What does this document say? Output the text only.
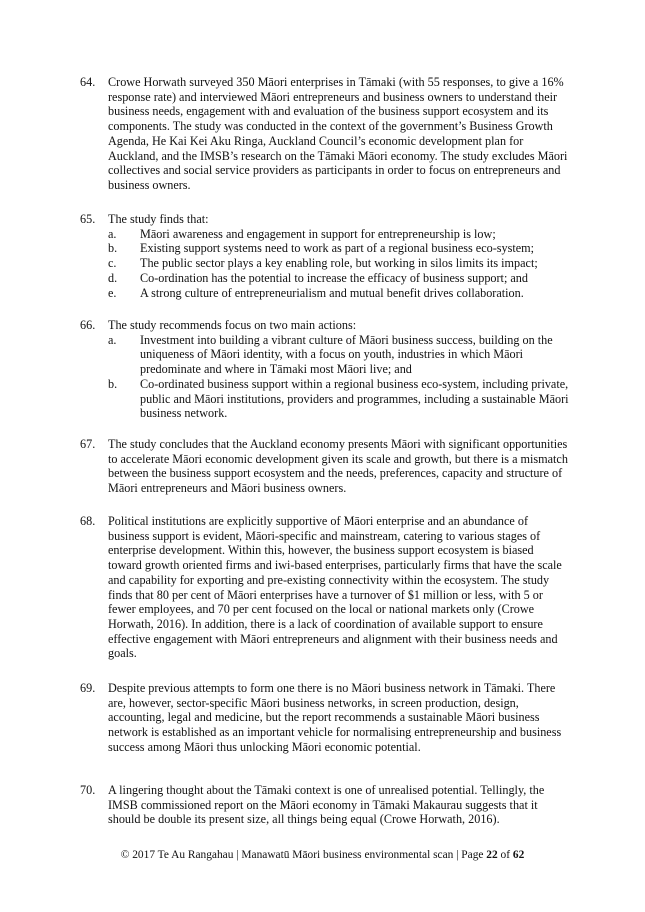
64.	Crowe Horwath surveyed 350 Māori enterprises in Tāmaki (with 55 responses, to give a 16% response rate) and interviewed Māori entrepreneurs and business owners to understand their business needs, engagement with and evaluation of the business support ecosystem and its components. The study was conducted in the context of the government’s Business Growth Agenda, He Kai Kei Aku Ringa, Auckland Council’s economic development plan for Auckland, and the IMSB’s research on the Tāmaki Māori economy. The study excludes Māori collectives and social service providers as participants in order to focus on entrepreneurs and business owners.
65.	The study finds that:
a. Māori awareness and engagement in support for entrepreneurship is low;
b. Existing support systems need to work as part of a regional business eco-system;
c. The public sector plays a key enabling role, but working in silos limits its impact;
d. Co-ordination has the potential to increase the efficacy of business support; and
e. A strong culture of entrepreneurialism and mutual benefit drives collaboration.
66.	The study recommends focus on two main actions:
a. Investment into building a vibrant culture of Māori business success, building on the uniqueness of Māori identity, with a focus on youth, industries in which Māori predominate and where in Tāmaki most Māori live; and
b. Co-ordinated business support within a regional business eco-system, including private, public and Māori institutions, providers and programmes, including a sustainable Māori business network.
67.	The study concludes that the Auckland economy presents Māori with significant opportunities to accelerate Māori economic development given its scale and growth, but there is a mismatch between the business support ecosystem and the needs, preferences, capacity and structure of Māori entrepreneurs and Māori business owners.
68.	Political institutions are explicitly supportive of Māori enterprise and an abundance of business support is evident, Māori-specific and mainstream, catering to various stages of enterprise development. Within this, however, the business support ecosystem is biased toward growth oriented firms and iwi-based enterprises, particularly firms that have the scale and capability for exporting and pre-existing connectivity within the ecosystem. The study finds that 80 per cent of Māori enterprises have a turnover of $1 million or less, with 5 or fewer employees, and 70 per cent focused on the local or national markets only (Crowe Horwath, 2016). In addition, there is a lack of coordination of available support to ensure effective engagement with Māori entrepreneurs and alignment with their business needs and goals.
69.	Despite previous attempts to form one there is no Māori business network in Tāmaki. There are, however, sector-specific Māori business networks, in screen production, design, accounting, legal and medicine, but the report recommends a sustainable Māori business network is established as an important vehicle for normalising entrepreneurship and business success among Māori thus unlocking Māori economic potential.
70.	A lingering thought about the Tāmaki context is one of unrealised potential. Tellingly, the IMSB commissioned report on the Māori economy in Tāmaki Makaurau suggests that it should be double its present size, all things being equal (Crowe Horwath, 2016).
© 2017 Te Au Rangahau | Manawatū Māori business environmental scan | Page 22 of 62
